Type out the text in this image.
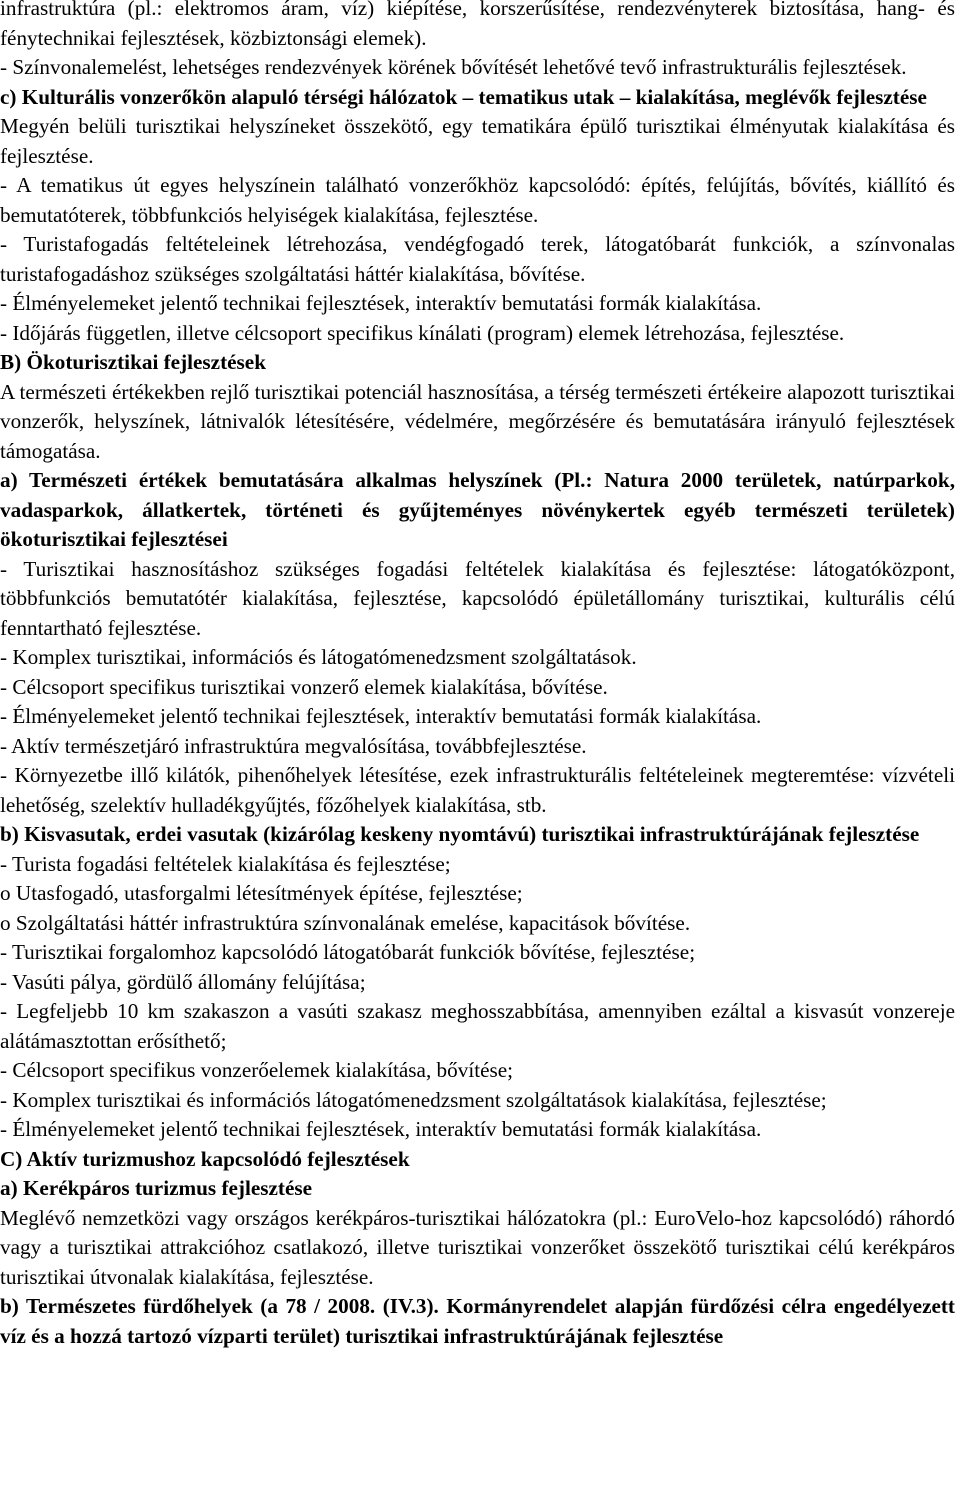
infrastruktúra (pl.: elektromos áram, víz) kiépítése, korszerűsítése, rendezvényterek biztosítása, hang- és fénytechnikai fejlesztések, közbiztonsági elemek).

- Színvonalemelést, lehetséges rendezvények körének bővítését lehetővé tevő infrastrukturális fejlesztések.

c) Kulturális vonzerőkön alapuló térségi hálózatok – tematikus utak – kialakítása, meglévők fejlesztése

Megyén belüli turisztikai helyszíneket összekötő, egy tematikára épülő turisztikai élményutak kialakítása és fejlesztése.

- A tematikus út egyes helyszínein található vonzerőkhöz kapcsolódó: építés, felújítás, bővítés, kiállító és bemutatóterek, többfunkciós helyiségek kialakítása, fejlesztése.

- Turistafogadás feltételeinek létrehozása, vendégfogadó terek, látogatóbarát funkciók, a színvonalas turistafogadáshoz szükséges szolgáltatási háttér kialakítása, bővítése.

- Élményelemeket jelentő technikai fejlesztések, interaktív bemutatási formák kialakítása.

- Időjárás független, illetve célcsoport specifikus kínálati (program) elemek létrehozása, fejlesztése.

B) Ökoturisztikai fejlesztések

A természeti értékekben rejlő turisztikai potenciál hasznosítása, a térség természeti értékeire alapozott turisztikai vonzerők, helyszínek, látnivalók létesítésére, védelmére, megőrzésére és bemutatására irányuló fejlesztések támogatása.

a) Természeti értékek bemutatására alkalmas helyszínek (Pl.: Natura 2000 területek, natúrparkok, vadasparkok, állatkertek, történeti és gyűjteményes növénykertek egyéb természeti területek) ökoturisztikai fejlesztései

- Turisztikai hasznosításhoz szükséges fogadási feltételek kialakítása és fejlesztése: látogatóközpont, többfunkciós bemutatótér kialakítása, fejlesztése, kapcsolódó épületállomány turisztikai, kulturális célú fenntartható fejlesztése.

- Komplex turisztikai, információs és látogatómenedzsment szolgáltatások.

- Célcsoport specifikus turisztikai vonzerő elemek kialakítása, bővítése.

- Élményelemeket jelentő technikai fejlesztések, interaktív bemutatási formák kialakítása.

- Aktív természetjáró infrastruktúra megvalósítása, továbbfejlesztése.

- Környezetbe illő kilátók, pihenőhelyek létesítése, ezek infrastrukturális feltételeinek megteremtése: vízvételi lehetőség, szelektív hulladékgyűjtés, főzőhelyek kialakítása, stb.

b) Kisvasutak, erdei vasutak (kizárólag keskeny nyomtávú) turisztikai infrastruktúrájának fejlesztése

- Turista fogadási feltételek kialakítása és fejlesztése;

o Utasfogadó, utasforgalmi létesítmények építése, fejlesztése;

o Szolgáltatási háttér infrastruktúra színvonalának emelése, kapacitások bővítése.

- Turisztikai forgalomhoz kapcsolódó látogatóbarát funkciók bővítése, fejlesztése;

- Vasúti pálya, gördülő állomány felújítása;

- Legfeljebb 10 km szakaszon a vasúti szakasz meghosszabbítása, amennyiben ezáltal a kisvasút vonzereje alátámasztottan erősíthető;

- Célcsoport specifikus vonzerőelemek kialakítása, bővítése;

- Komplex turisztikai és információs látogatómenedzsment szolgáltatások kialakítása, fejlesztése;

- Élményelemeket jelentő technikai fejlesztések, interaktív bemutatási formák kialakítása.

C) Aktív turizmushoz kapcsolódó fejlesztések

a) Kerékpáros turizmus fejlesztése

Meglévő nemzetközi vagy országos kerékpáros-turisztikai hálózatokra (pl.: EuroVelo-hoz kapcsolódó) ráhordó vagy a turisztikai attrakcióhoz csatlakozó, illetve turisztikai vonzerőket összekötő turisztikai célú kerékpáros turisztikai útvonalak kialakítása, fejlesztése.

b) Természetes fürdőhelyek (a 78 / 2008. (IV.3). Kormányrendelet alapján fürdőzési célra engedélyezett víz és a hozzá tartozó vízparti terület) turisztikai infrastruktúrájának fejlesztése
